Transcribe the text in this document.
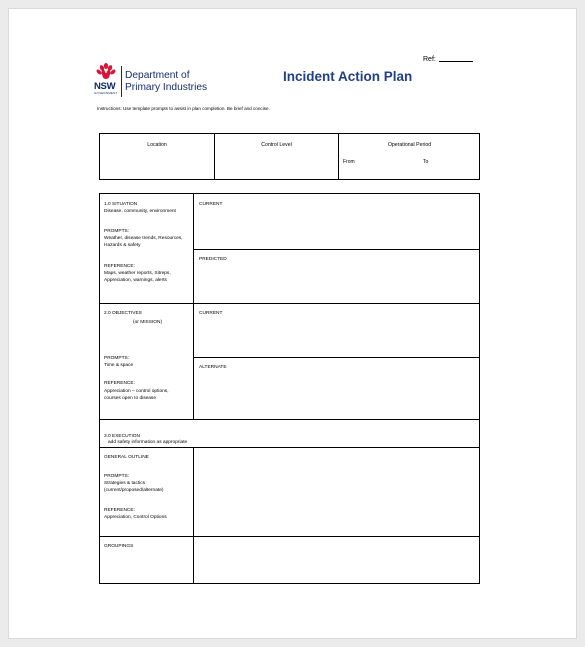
Ref:
NSW
GOVERNMENT
Department of
Primary Industries
Incident Action Plan
Instructions: Use template prompts to assist in plan completion. Be brief and concise.
Location	Control Level	Operational Period
From	To
1.0 SITUATION
Disease, community, environment
PROMPTS:
Weather, disease trends, Resources,
Hazards & safety
REFERENCE:
Maps, weather reports, Sitreps,
Appreciation, warnings, alerts
CURRENT
PREDICTED
2.0 OBJECTIVES
(or MISSION)
PROMPTS:
Time & space
REFERENCE:
Appreciation – control options,
courses open to disease
CURRENT
ALTERNATE

3.0 EXECUTION
add safety information as appropriate

GENERAL OUTLINE
PROMPTS:
Strategies & tactics
(current/proposed/alternate)
REFERENCE:
Appreciation, Control Options
GROUPINGS
